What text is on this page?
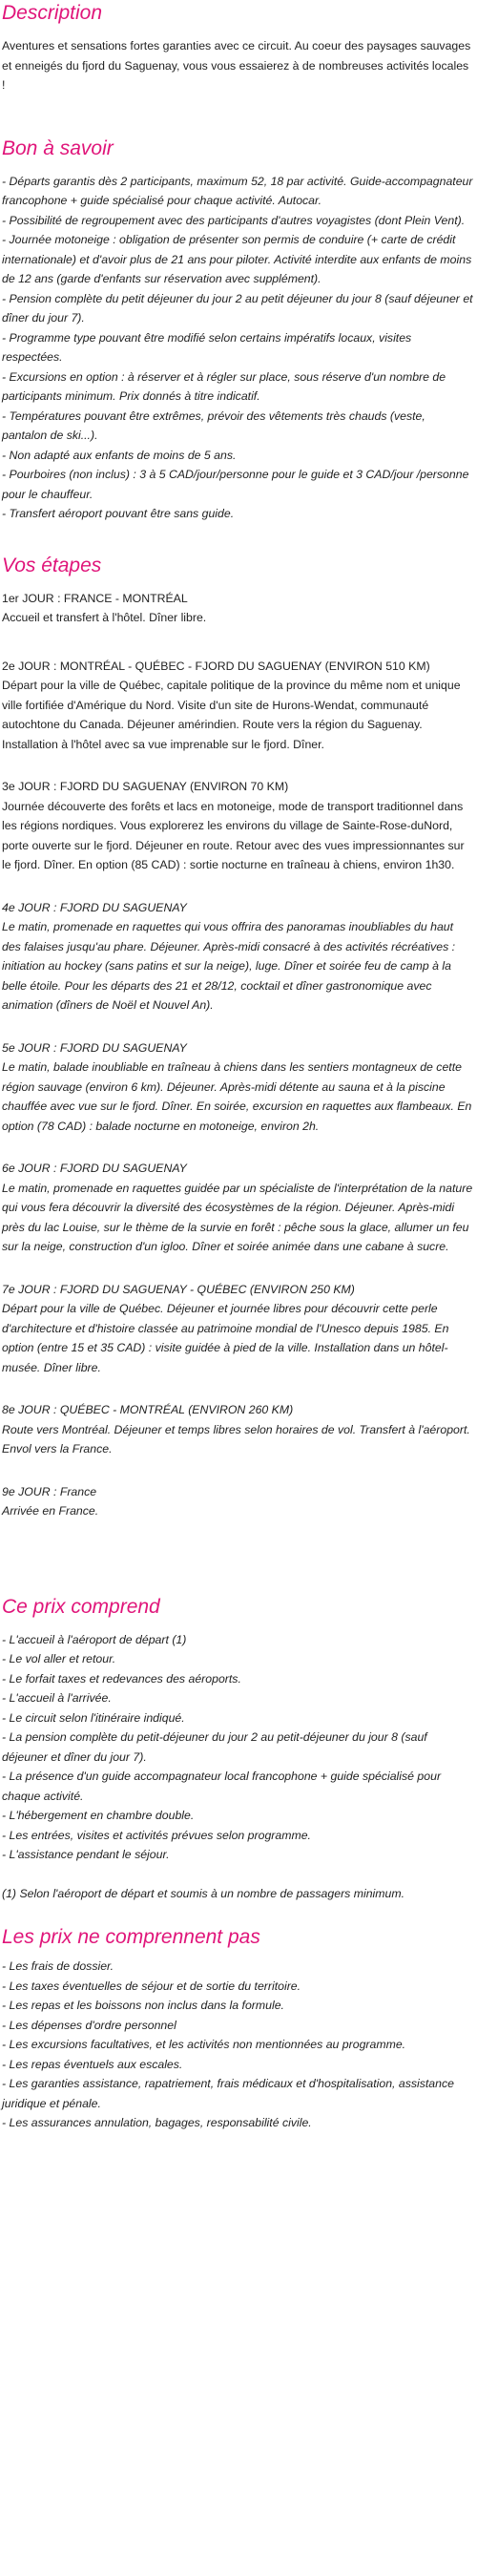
Description

Aventures et sensations fortes garanties avec ce circuit. Au coeur des paysages sauvages et enneigés du fjord du Saguenay, vous vous essaierez à de nombreuses activités locales !

Bon à savoir
- Départs garantis dès 2 participants, maximum 52, 18 par activité. Guide-accompagnateur francophone + guide spécialisé pour chaque activité. Autocar.
- Possibilité de regroupement avec des participants d'autres voyagistes (dont Plein Vent).
- Journée motoneige : obligation de présenter son permis de conduire (+ carte de crédit internationale) et d'avoir plus de 21 ans pour piloter. Activité interdite aux enfants de moins de 12 ans (garde d'enfants sur réservation avec supplément).
- Pension complète du petit déjeuner du jour 2 au petit déjeuner du jour 8 (sauf déjeuner et dîner du jour 7).
- Programme type pouvant être modifié selon certains impératifs locaux, visites respectées.
- Excursions en option : à réserver et à régler sur place, sous réserve d'un nombre de participants minimum. Prix donnés à titre indicatif.
- Températures pouvant être extrêmes, prévoir des vêtements très chauds (veste, pantalon de ski...).
- Non adapté aux enfants de moins de 5 ans.
- Pourboires (non inclus) : 3 à 5 CAD/jour/personne pour le guide et 3 CAD/jour /personne pour le chauffeur.
- Transfert aéroport pouvant être sans guide.
Vos étapes
1er JOUR : FRANCE - MONTRÉAL
Accueil et transfert à l'hôtel. Dîner libre.
2e JOUR : MONTRÉAL - QUÉBEC - FJORD DU SAGUENAY (ENVIRON 510 KM)
Départ pour la ville de Québec, capitale politique de la province du même nom et unique ville fortifiée d'Amérique du Nord. Visite d'un site de Hurons-Wendat, communauté autochtone du Canada. Déjeuner amérindien. Route vers la région du Saguenay. Installation à l'hôtel avec sa vue imprenable sur le fjord. Dîner.
3e JOUR : FJORD DU SAGUENAY (ENVIRON 70 KM)
Journée découverte des forêts et lacs en motoneige, mode de transport traditionnel dans les régions nordiques. Vous explorerez les environs du village de Sainte-Rose-duNord, porte ouverte sur le fjord. Déjeuner en route. Retour avec des vues impressionnantes sur le fjord. Dîner. En option (85 CAD) : sortie nocturne en traîneau à chiens, environ 1h30.
4e JOUR : FJORD DU SAGUENAY
Le matin, promenade en raquettes qui vous offrira des panoramas inoubliables du haut des falaises jusqu'au phare. Déjeuner. Après-midi consacré à des activités récréatives : initiation au hockey (sans patins et sur la neige), luge. Dîner et soirée feu de camp à la belle étoile. Pour les départs des 21 et 28/12, cocktail et dîner gastronomique avec animation (dîners de Noël et Nouvel An).
5e JOUR : FJORD DU SAGUENAY
Le matin, balade inoubliable en traîneau à chiens dans les sentiers montagneux de cette région sauvage (environ 6 km). Déjeuner. Après-midi détente au sauna et à la piscine chauffée avec vue sur le fjord. Dîner. En soirée, excursion en raquettes aux flambeaux. En option (78 CAD) : balade nocturne en motoneige, environ 2h.
6e JOUR : FJORD DU SAGUENAY
Le matin, promenade en raquettes guidée par un spécialiste de l'interprétation de la nature qui vous fera découvrir la diversité des écosystèmes de la région. Déjeuner. Après-midi près du lac Louise, sur le thème de la survie en forêt : pêche sous la glace, allumer un feu sur la neige, construction d'un igloo. Dîner et soirée animée dans une cabane à sucre.
7e JOUR : FJORD DU SAGUENAY - QUÉBEC (ENVIRON 250 KM)
Départ pour la ville de Québec. Déjeuner et journée libres pour découvrir cette perle d'architecture et d'histoire classée au patrimoine mondial de l'Unesco depuis 1985. En option (entre 15 et 35 CAD) : visite guidée à pied de la ville. Installation dans un hôtel-musée. Dîner libre.
8e JOUR : QUÉBEC - MONTRÉAL (ENVIRON 260 KM)
Route vers Montréal. Déjeuner et temps libres selon horaires de vol. Transfert à l'aéroport. Envol vers la France.
9e JOUR : France
Arrivée en France.
Ce prix comprend
- L'accueil à l'aéroport de départ (1)
- Le vol aller et retour.
- Le forfait taxes et redevances des aéroports.
- L'accueil à l'arrivée.
- Le circuit selon l'itinéraire indiqué.
- La pension complète du petit-déjeuner du jour 2 au petit-déjeuner du jour 8 (sauf déjeuner et dîner du jour 7).
- La présence d'un guide accompagnateur local francophone + guide spécialisé pour chaque activité.
- L'hébergement en chambre double.
- Les entrées, visites et activités prévues selon programme.
- L'assistance pendant le séjour.
(1) Selon l'aéroport de départ et soumis à un nombre de passagers minimum.
Les prix ne comprennent pas
- Les frais de dossier.
- Les taxes éventuelles de séjour et de sortie du territoire.
- Les repas et les boissons non inclus dans la formule.
- Les dépenses d'ordre personnel
- Les excursions facultatives, et les activités non mentionnées au programme.
- Les repas éventuels aux escales.
- Les garanties assistance, rapatriement, frais médicaux et d'hospitalisation, assistance juridique et pénale.
- Les assurances annulation, bagages, responsabilité civile.
